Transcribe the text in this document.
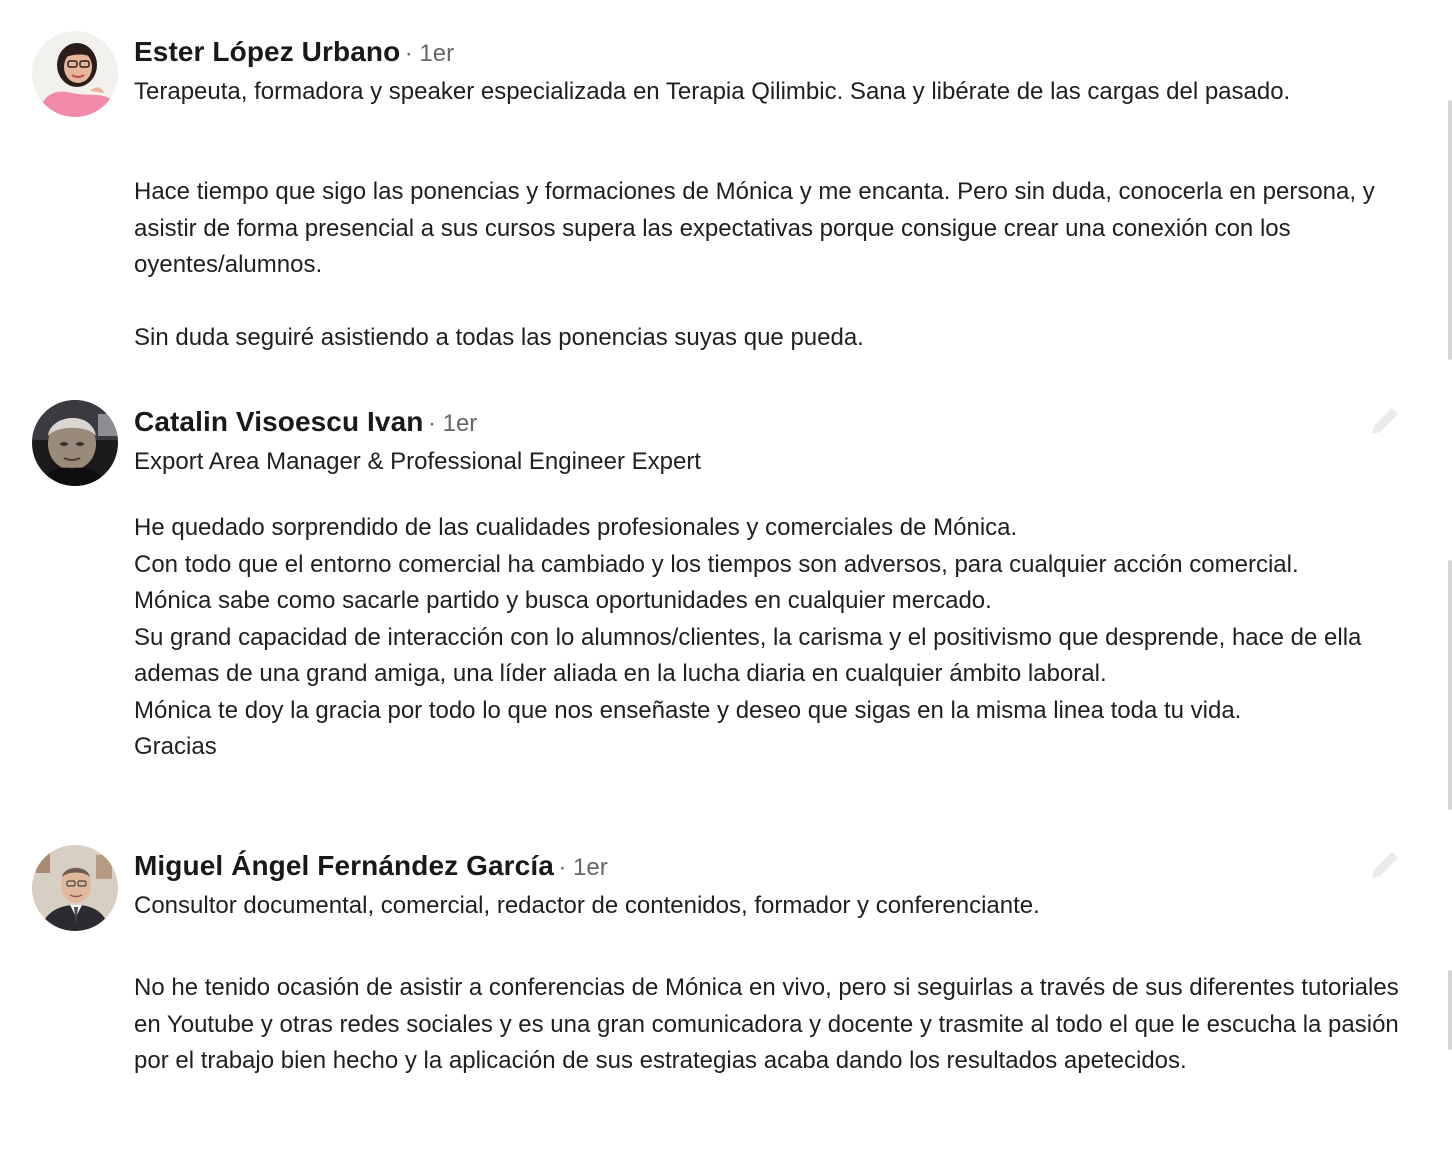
Ester López Urbano · 1er
Terapeuta, formadora y speaker especializada en Terapia Qilimbic. Sana y libérate de las cargas del pasado.

Hace tiempo que sigo las ponencias y formaciones de Mónica y me encanta. Pero sin duda, conocerla en persona, y asistir de forma presencial a sus cursos supera las expectativas porque consigue crear una conexión con los oyentes/alumnos.

Sin duda seguiré asistiendo a todas las ponencias suyas que pueda.

Catalin Visoescu Ivan · 1er
Export Area Manager & Professional Engineer Expert

He quedado sorprendido de las cualidades profesionales y comerciales de Mónica.

Con todo que el entorno comercial ha cambiado y los tiempos son adversos, para cualquier acción comercial.

Mónica sabe como sacarle partido y busca oportunidades en cualquier mercado.

Su grand capacidad de interacción con lo alumnos/clientes, la carisma y el positivismo que desprende, hace de ella ademas de una grand amiga, una líder aliada en la lucha diaria en cualquier ámbito laboral.

Mónica te doy la gracia por todo lo que nos enseñaste y deseo que sigas en la misma linea toda tu vida.

Gracias

Miguel Ángel Fernández García · 1er
Consultor documental, comercial, redactor de contenidos, formador y conferenciante.

No he tenido ocasión de asistir a conferencias de Mónica en vivo, pero si seguirlas a través de sus diferentes tutoriales en Youtube y otras redes sociales y es una gran comunicadora y docente y trasmite al todo el que le escucha la pasión por el trabajo bien hecho y la aplicación de sus estrategias acaba dando los resultados apetecidos.
